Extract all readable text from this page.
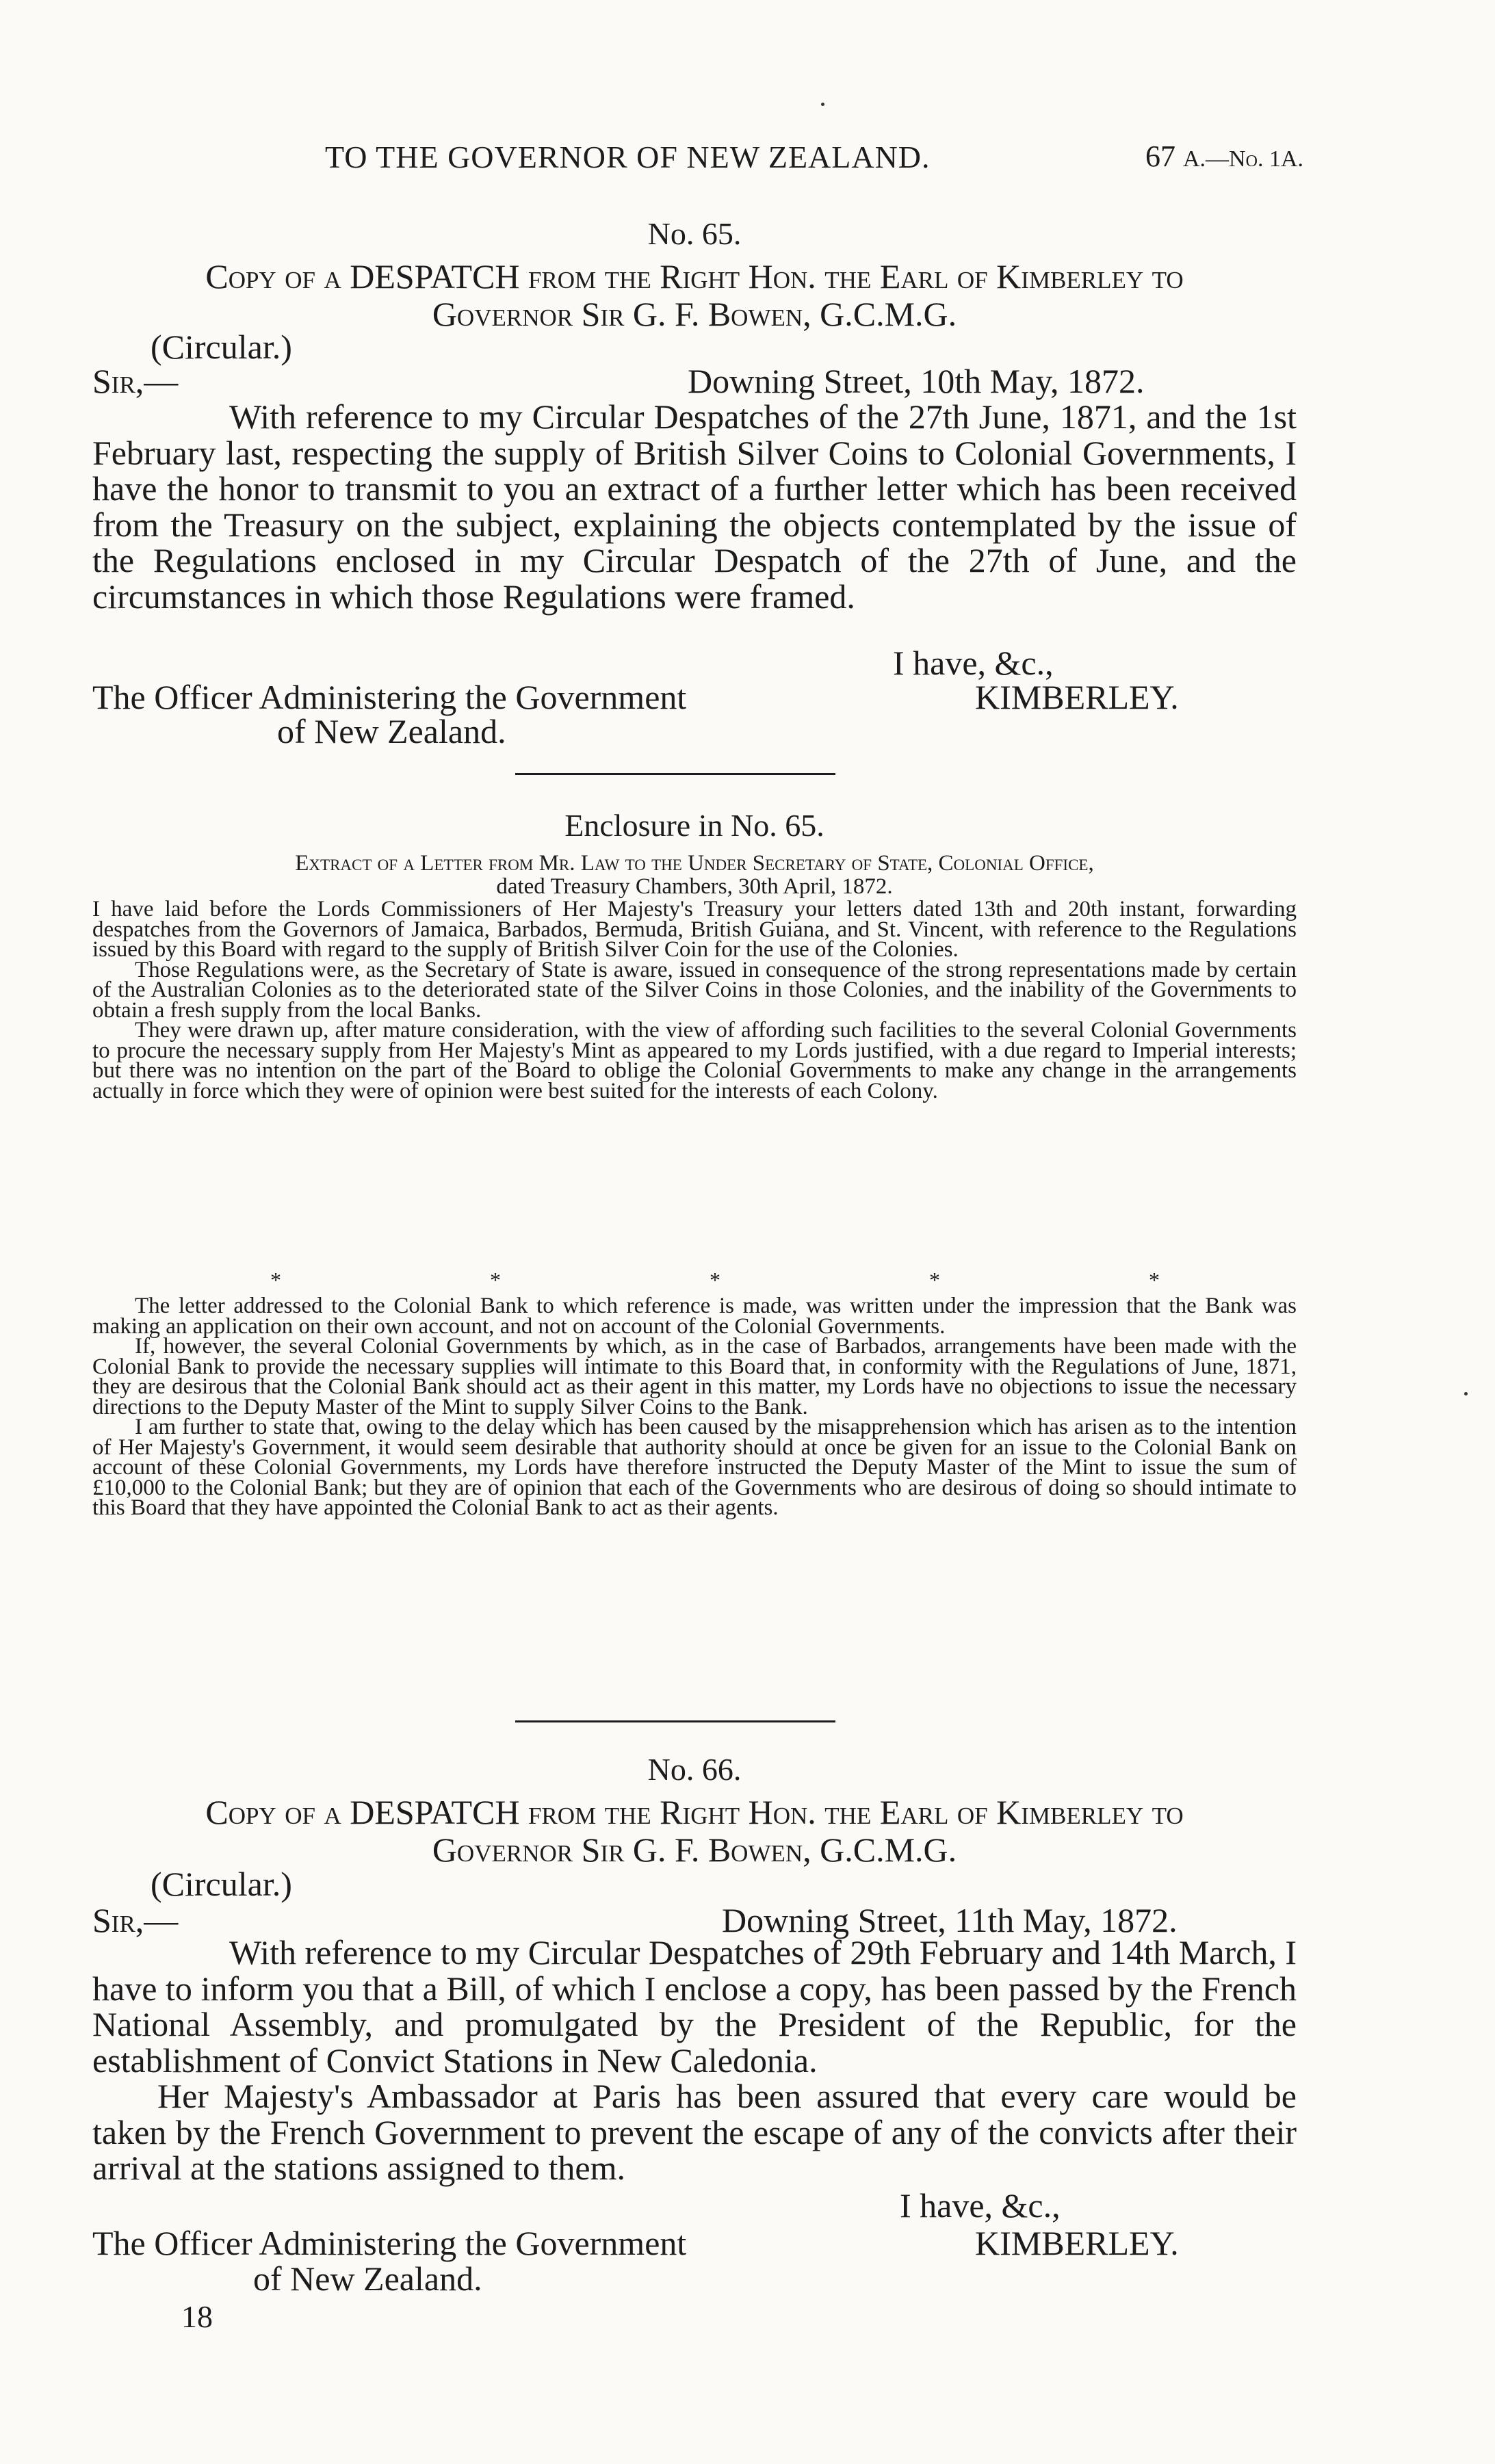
TO THE GOVERNOR OF NEW ZEALAND.	67 A.—No. 1A.
No. 65.
Copy of a DESPATCH from the Right Hon. the Earl of Kimberley to
Governor Sir G. F. Bowen, G.C.M.G.
(Circular.)
Sir,—	Downing Street, 10th May, 1872.
With reference to my Circular Despatches of the 27th June, 1871, and the 1st February last, respecting the supply of British Silver Coins to Colonial Governments, I have the honor to transmit to you an extract of a further letter which has been received from the Treasury on the subject, explaining the objects contemplated by the issue of the Regulations enclosed in my Circular Despatch of the 27th of June, and the circumstances in which those Regulations were framed.
I have, &c.,
The Officer Administering the Government	KIMBERLEY.
of New Zealand.
Enclosure in No. 65.
Extract of a Letter from Mr. Law to the Under Secretary of State, Colonial Office,
dated Treasury Chambers, 30th April, 1872.

I have laid before the Lords Commissioners of Her Majesty's Treasury your letters dated 13th and 20th instant, forwarding despatches from the Governors of Jamaica, Barbados, Bermuda, British Guiana, and St. Vincent, with reference to the Regulations issued by this Board with regard to the supply of British Silver Coin for the use of the Colonies.

Those Regulations were, as the Secretary of State is aware, issued in consequence of the strong representations made by certain of the Australian Colonies as to the deteriorated state of the Silver Coins in those Colonies, and the inability of the Governments to obtain a fresh supply from the local Banks.

They were drawn up, after mature consideration, with the view of affording such facilities to the several Colonial Governments to procure the necessary supply from Her Majesty's Mint as appeared to my Lords justified, with a due regard to Imperial interests; but there was no intention on the part of the Board to oblige the Colonial Governments to make any change in the arrangements actually in force which they were of opinion were best suited for the interests of each Colony.

*	*	*	*	*

The letter addressed to the Colonial Bank to which reference is made, was written under the impression that the Bank was making an application on their own account, and not on account of the Colonial Governments.

If, however, the several Colonial Governments by which, as in the case of Barbados, arrangements have been made with the Colonial Bank to provide the necessary supplies will intimate to this Board that, in conformity with the Regulations of June, 1871, they are desirous that the Colonial Bank should act as their agent in this matter, my Lords have no objections to issue the necessary directions to the Deputy Master of the Mint to supply Silver Coins to the Bank.

I am further to state that, owing to the delay which has been caused by the misapprehension which has arisen as to the intention of Her Majesty's Government, it would seem desirable that authority should at once be given for an issue to the Colonial Bank on account of these Colonial Governments, my Lords have therefore instructed the Deputy Master of the Mint to issue the sum of £10,000 to the Colonial Bank; but they are of opinion that each of the Governments who are desirous of doing so should intimate to this Board that they have appointed the Colonial Bank to act as their agents.

No. 66.
Copy of a DESPATCH from the Right Hon. the Earl of Kimberley to
Governor Sir G. F. Bowen, G.C.M.G.
(Circular.)
Sir,—	Downing Street, 11th May, 1872.
With reference to my Circular Despatches of 29th February and 14th March, I have to inform you that a Bill, of which I enclose a copy, has been passed by the French National Assembly, and promulgated by the President of the Republic, for the establishment of Convict Stations in New Caledonia.
Her Majesty's Ambassador at Paris has been assured that every care would be taken by the French Government to prevent the escape of any of the convicts after their arrival at the stations assigned to them.
I have, &c.,
The Officer Administering the Government	KIMBERLEY.
of New Zealand.
18
